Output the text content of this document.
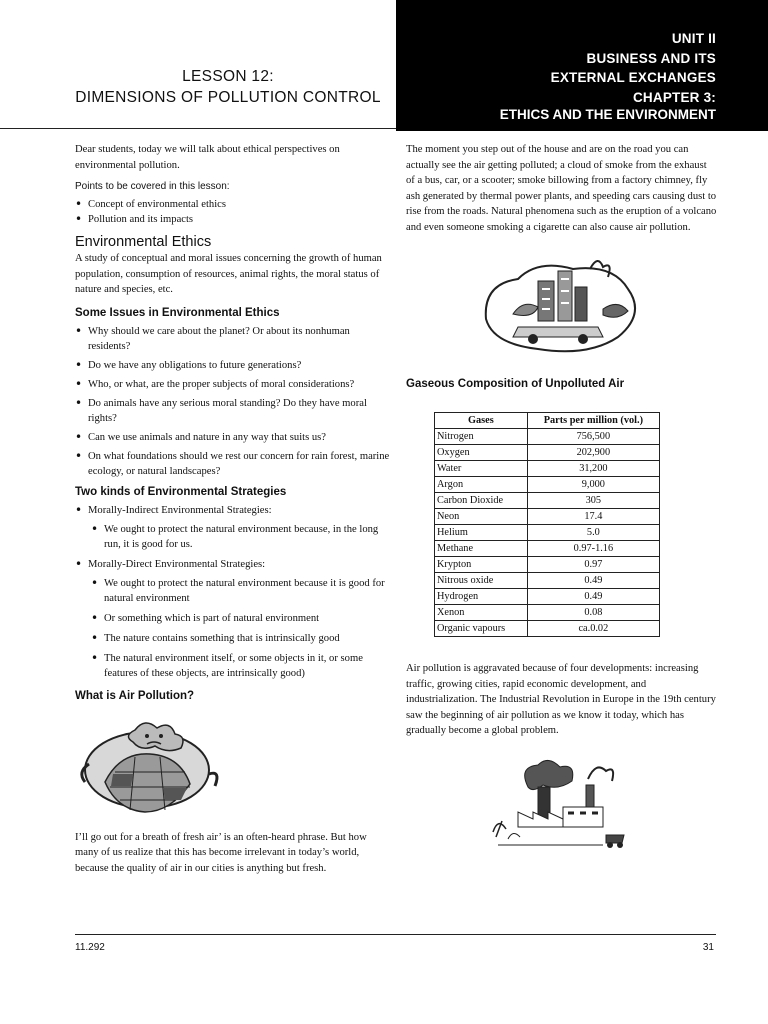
LESSON 12:
DIMENSIONS OF POLLUTION CONTROL
UNIT II
BUSINESS AND ITS
EXTERNAL EXCHANGES
CHAPTER 3:
ETHICS AND THE ENVIRONMENT

Dear students, today we will talk about ethical perspectives on environmental pollution.

Points to be covered in this lesson:

• Concept of environmental ethics
• Pollution and its impacts
Environmental Ethics

A study of conceptual and moral issues concerning the growth of human population, consumption of resources, animal rights, the moral status of nature and species, etc.

Some Issues in Environmental Ethics
• Why should we care about the planet? Or about its nonhuman residents?
• Do we have any obligations to future generations?
• Who, or what, are the proper subjects of moral considerations?
• Do animals have any serious moral standing? Do they have moral rights?
• Can we use animals and nature in any way that suits us?
• On what foundations should we rest our concern for rain forest, marine ecology, or natural landscapes?
Two kinds of Environmental Strategies
• Morally-Indirect Environmental Strategies:
• We ought to protect the natural environment because, in the long run, it is good for us.
• Morally-Direct Environmental Strategies:
• We ought to protect the natural environment because it is good for natural environment
• Or something which is part of natural environment
• The nature contains something that is intrinsically good
• The natural environment itself, or some objects in it, or some features of these objects, are intrinsically good)
What is Air Pollution?

I’ll go out for a breath of fresh air’ is an often-heard phrase. But how many of us realize that this has become irrelevant in today’s world, because the quality of air in our cities is anything but fresh.

The moment you step out of the house and are on the road you can actually see the air getting polluted; a cloud of smoke from the exhaust of a bus, car, or a scooter; smoke billowing from a factory chimney, fly ash generated by thermal power plants, and speeding cars causing dust to rise from the roads. Natural phenomena such as the eruption of a volcano and even someone smoking a cigarette can also cause air pollution.

Gaseous Composition of Unpolluted Air
Gases	Parts per million (vol.)
Nitrogen	756,500
Oxygen	202,900
Water	31,200
Argon	9,000
Carbon Dioxide	305
Neon	17.4
Helium	5.0
Methane	0.97-1.16
Krypton	0.97
Nitrous oxide	0.49
Hydrogen	0.49
Xenon	0.08
Organic vapours	ca.0.02

Air pollution is aggravated because of four developments: increasing traffic, growing cities, rapid economic development, and industrialization. The Industrial Revolution in Europe in the 19th century saw the beginning of air pollution as we know it today, which has gradually become a global problem.

11.292	31
